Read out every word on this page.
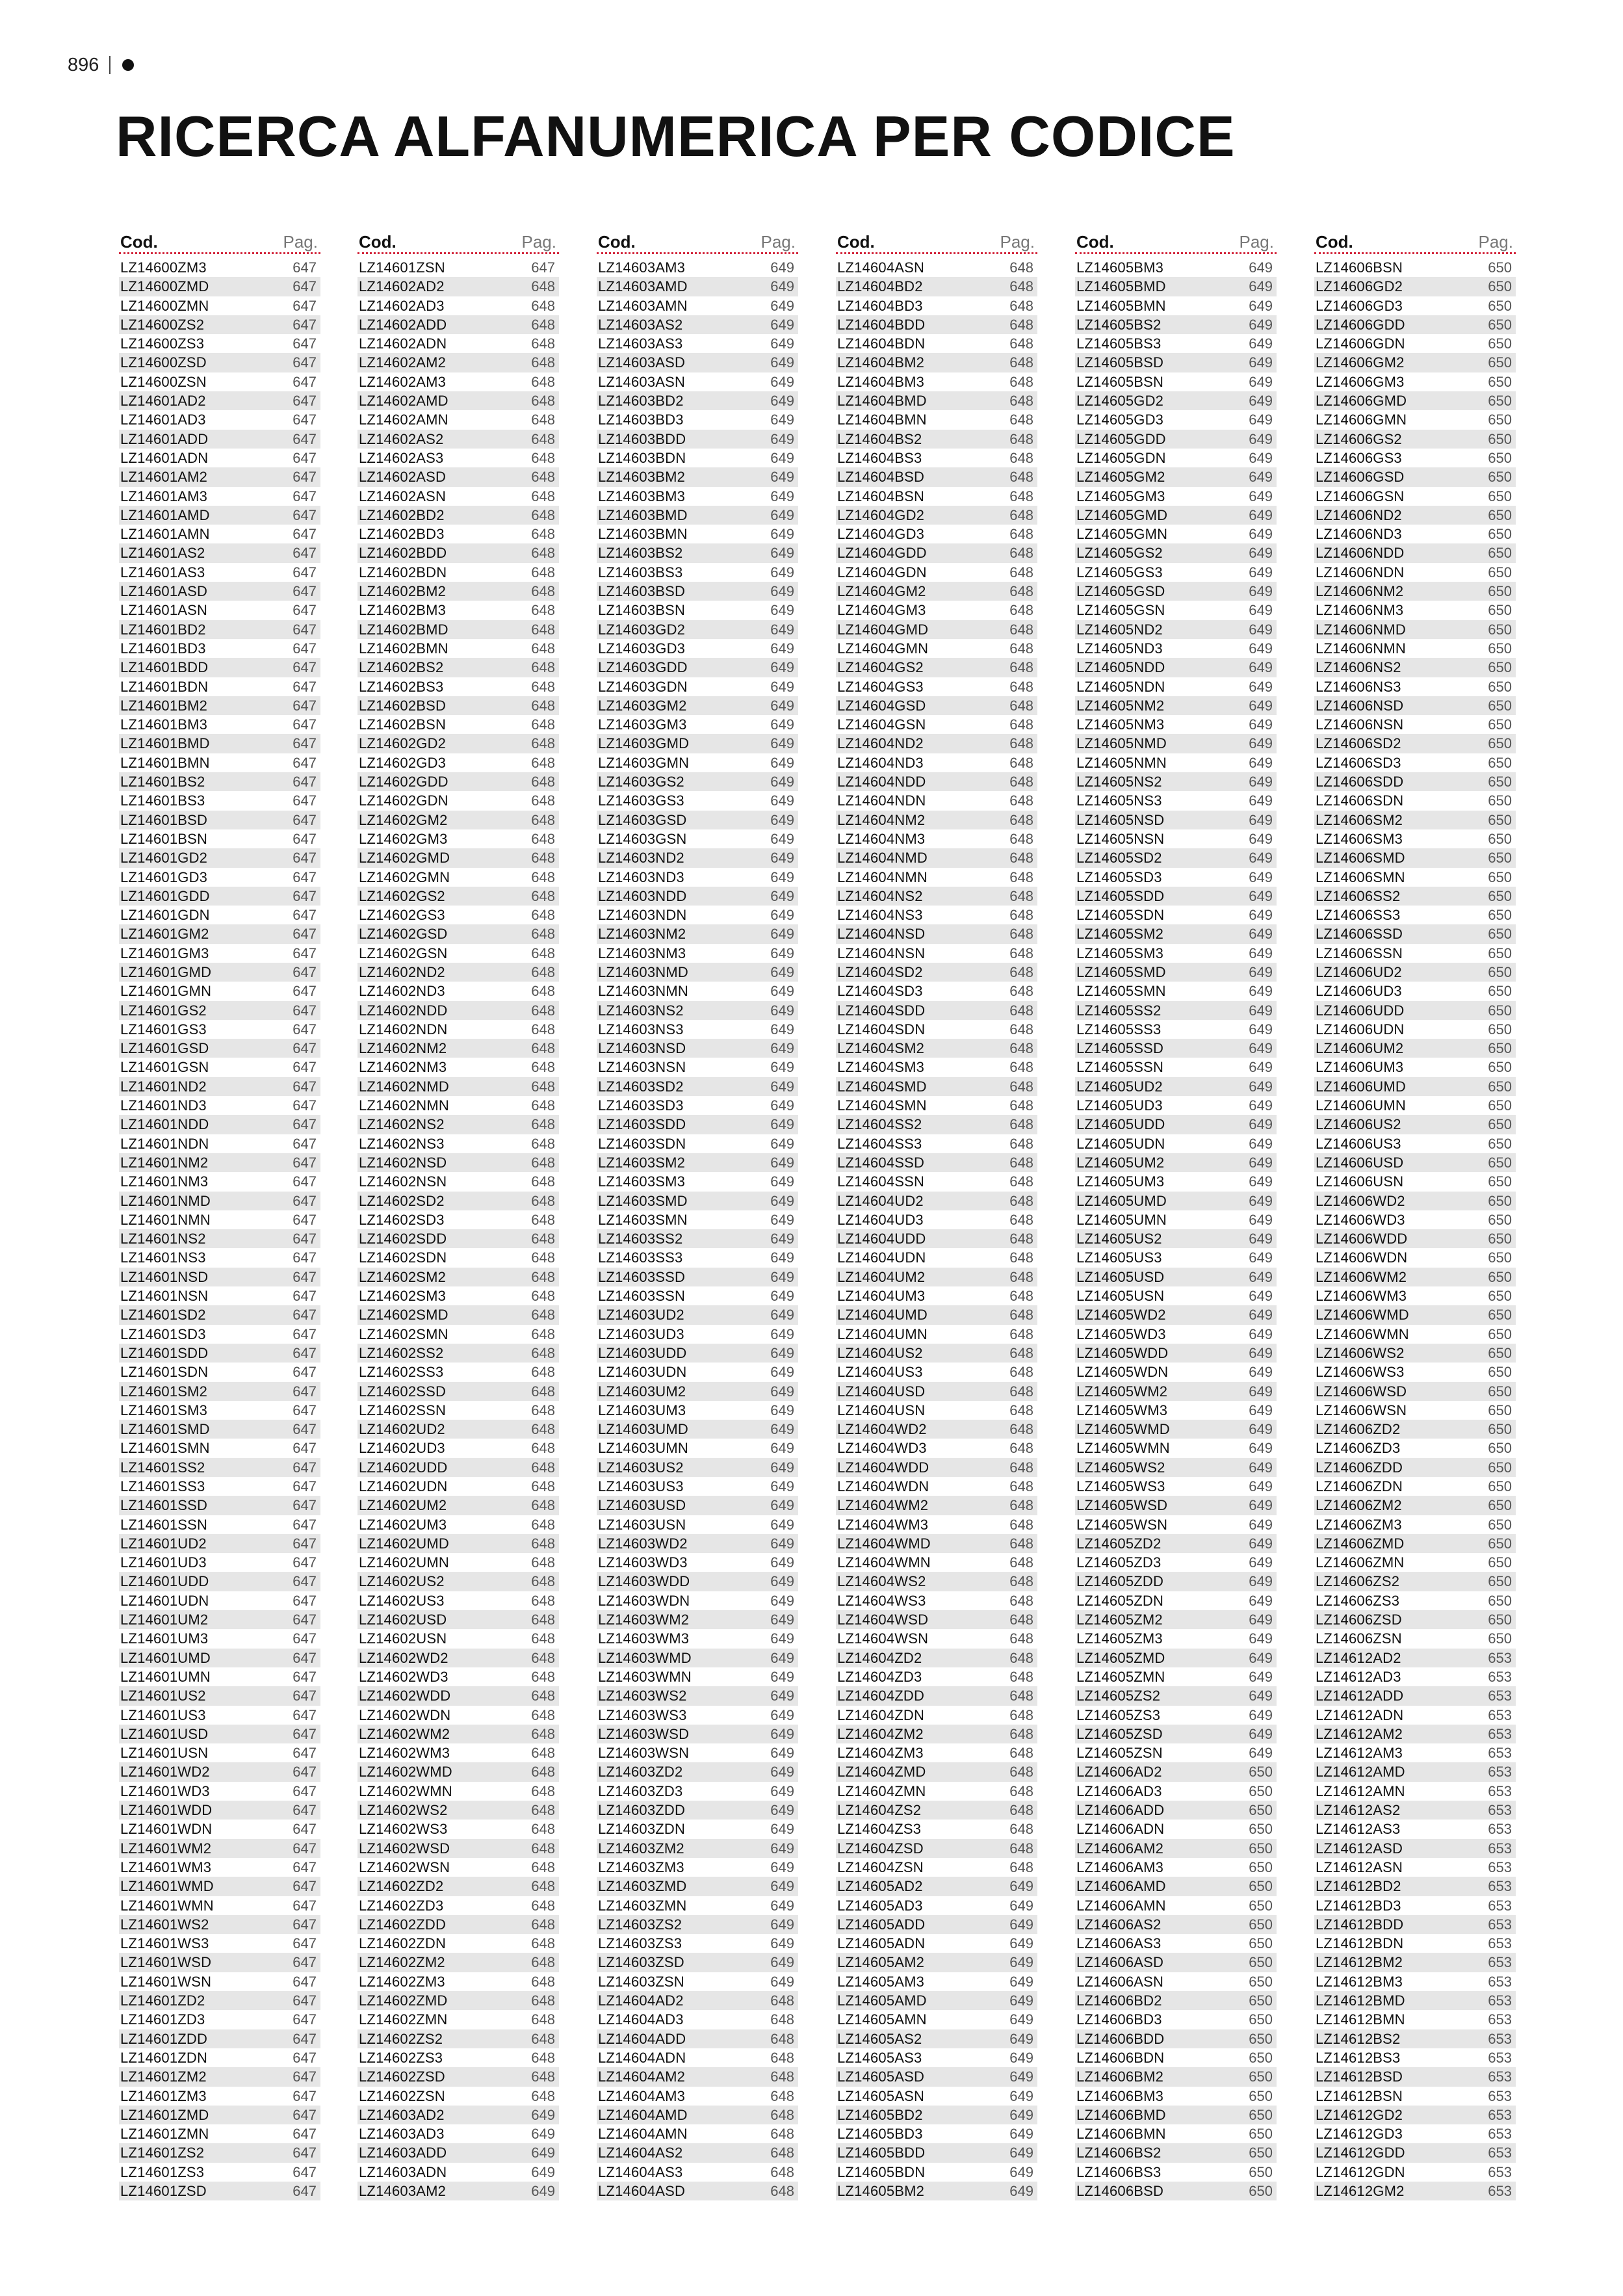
896
RICERCA ALFANUMERICA PER CODICE
Cod.	Pag.
LZ14600ZM3	647
LZ14600ZMD	647
LZ14600ZMN	647
LZ14600ZS2	647
LZ14600ZS3	647
LZ14600ZSD	647
LZ14600ZSN	647
LZ14601AD2	647
LZ14601AD3	647
LZ14601ADD	647
LZ14601ADN	647
LZ14601AM2	647
LZ14601AM3	647
LZ14601AMD	647
LZ14601AMN	647
LZ14601AS2	647
LZ14601AS3	647
LZ14601ASD	647
LZ14601ASN	647
LZ14601BD2	647
LZ14601BD3	647
LZ14601BDD	647
LZ14601BDN	647
LZ14601BM2	647
LZ14601BM3	647
LZ14601BMD	647
LZ14601BMN	647
LZ14601BS2	647
LZ14601BS3	647
LZ14601BSD	647
LZ14601BSN	647
LZ14601GD2	647
LZ14601GD3	647
LZ14601GDD	647
LZ14601GDN	647
LZ14601GM2	647
LZ14601GM3	647
LZ14601GMD	647
LZ14601GMN	647
LZ14601GS2	647
LZ14601GS3	647
LZ14601GSD	647
LZ14601GSN	647
LZ14601ND2	647
LZ14601ND3	647
LZ14601NDD	647
LZ14601NDN	647
LZ14601NM2	647
LZ14601NM3	647
LZ14601NMD	647
LZ14601NMN	647
LZ14601NS2	647
LZ14601NS3	647
LZ14601NSD	647
LZ14601NSN	647
LZ14601SD2	647
LZ14601SD3	647
LZ14601SDD	647
LZ14601SDN	647
LZ14601SM2	647
LZ14601SM3	647
LZ14601SMD	647
LZ14601SMN	647
LZ14601SS2	647
LZ14601SS3	647
LZ14601SSD	647
LZ14601SSN	647
LZ14601UD2	647
LZ14601UD3	647
LZ14601UDD	647
LZ14601UDN	647
LZ14601UM2	647
LZ14601UM3	647
LZ14601UMD	647
LZ14601UMN	647
LZ14601US2	647
LZ14601US3	647
LZ14601USD	647
LZ14601USN	647
LZ14601WD2	647
LZ14601WD3	647
LZ14601WDD	647
LZ14601WDN	647
LZ14601WM2	647
LZ14601WM3	647
LZ14601WMD	647
LZ14601WMN	647
LZ14601WS2	647
LZ14601WS3	647
LZ14601WSD	647
LZ14601WSN	647
LZ14601ZD2	647
LZ14601ZD3	647
LZ14601ZDD	647
LZ14601ZDN	647
LZ14601ZM2	647
LZ14601ZM3	647
LZ14601ZMD	647
LZ14601ZMN	647
LZ14601ZS2	647
LZ14601ZS3	647
LZ14601ZSD	647
Cod.	Pag.
LZ14601ZSN	647
LZ14602AD2	648
LZ14602AD3	648
LZ14602ADD	648
LZ14602ADN	648
LZ14602AM2	648
LZ14602AM3	648
LZ14602AMD	648
LZ14602AMN	648
LZ14602AS2	648
LZ14602AS3	648
LZ14602ASD	648
LZ14602ASN	648
LZ14602BD2	648
LZ14602BD3	648
LZ14602BDD	648
LZ14602BDN	648
LZ14602BM2	648
LZ14602BM3	648
LZ14602BMD	648
LZ14602BMN	648
LZ14602BS2	648
LZ14602BS3	648
LZ14602BSD	648
LZ14602BSN	648
LZ14602GD2	648
LZ14602GD3	648
LZ14602GDD	648
LZ14602GDN	648
LZ14602GM2	648
LZ14602GM3	648
LZ14602GMD	648
LZ14602GMN	648
LZ14602GS2	648
LZ14602GS3	648
LZ14602GSD	648
LZ14602GSN	648
LZ14602ND2	648
LZ14602ND3	648
LZ14602NDD	648
LZ14602NDN	648
LZ14602NM2	648
LZ14602NM3	648
LZ14602NMD	648
LZ14602NMN	648
LZ14602NS2	648
LZ14602NS3	648
LZ14602NSD	648
LZ14602NSN	648
LZ14602SD2	648
LZ14602SD3	648
LZ14602SDD	648
LZ14602SDN	648
LZ14602SM2	648
LZ14602SM3	648
LZ14602SMD	648
LZ14602SMN	648
LZ14602SS2	648
LZ14602SS3	648
LZ14602SSD	648
LZ14602SSN	648
LZ14602UD2	648
LZ14602UD3	648
LZ14602UDD	648
LZ14602UDN	648
LZ14602UM2	648
LZ14602UM3	648
LZ14602UMD	648
LZ14602UMN	648
LZ14602US2	648
LZ14602US3	648
LZ14602USD	648
LZ14602USN	648
LZ14602WD2	648
LZ14602WD3	648
LZ14602WDD	648
LZ14602WDN	648
LZ14602WM2	648
LZ14602WM3	648
LZ14602WMD	648
LZ14602WMN	648
LZ14602WS2	648
LZ14602WS3	648
LZ14602WSD	648
LZ14602WSN	648
LZ14602ZD2	648
LZ14602ZD3	648
LZ14602ZDD	648
LZ14602ZDN	648
LZ14602ZM2	648
LZ14602ZM3	648
LZ14602ZMD	648
LZ14602ZMN	648
LZ14602ZS2	648
LZ14602ZS3	648
LZ14602ZSD	648
LZ14602ZSN	648
LZ14603AD2	649
LZ14603AD3	649
LZ14603ADD	649
LZ14603ADN	649
LZ14603AM2	649
Cod.	Pag.
LZ14603AM3	649
LZ14603AMD	649
LZ14603AMN	649
LZ14603AS2	649
LZ14603AS3	649
LZ14603ASD	649
LZ14603ASN	649
LZ14603BD2	649
LZ14603BD3	649
LZ14603BDD	649
LZ14603BDN	649
LZ14603BM2	649
LZ14603BM3	649
LZ14603BMD	649
LZ14603BMN	649
LZ14603BS2	649
LZ14603BS3	649
LZ14603BSD	649
LZ14603BSN	649
LZ14603GD2	649
LZ14603GD3	649
LZ14603GDD	649
LZ14603GDN	649
LZ14603GM2	649
LZ14603GM3	649
LZ14603GMD	649
LZ14603GMN	649
LZ14603GS2	649
LZ14603GS3	649
LZ14603GSD	649
LZ14603GSN	649
LZ14603ND2	649
LZ14603ND3	649
LZ14603NDD	649
LZ14603NDN	649
LZ14603NM2	649
LZ14603NM3	649
LZ14603NMD	649
LZ14603NMN	649
LZ14603NS2	649
LZ14603NS3	649
LZ14603NSD	649
LZ14603NSN	649
LZ14603SD2	649
LZ14603SD3	649
LZ14603SDD	649
LZ14603SDN	649
LZ14603SM2	649
LZ14603SM3	649
LZ14603SMD	649
LZ14603SMN	649
LZ14603SS2	649
LZ14603SS3	649
LZ14603SSD	649
LZ14603SSN	649
LZ14603UD2	649
LZ14603UD3	649
LZ14603UDD	649
LZ14603UDN	649
LZ14603UM2	649
LZ14603UM3	649
LZ14603UMD	649
LZ14603UMN	649
LZ14603US2	649
LZ14603US3	649
LZ14603USD	649
LZ14603USN	649
LZ14603WD2	649
LZ14603WD3	649
LZ14603WDD	649
LZ14603WDN	649
LZ14603WM2	649
LZ14603WM3	649
LZ14603WMD	649
LZ14603WMN	649
LZ14603WS2	649
LZ14603WS3	649
LZ14603WSD	649
LZ14603WSN	649
LZ14603ZD2	649
LZ14603ZD3	649
LZ14603ZDD	649
LZ14603ZDN	649
LZ14603ZM2	649
LZ14603ZM3	649
LZ14603ZMD	649
LZ14603ZMN	649
LZ14603ZS2	649
LZ14603ZS3	649
LZ14603ZSD	649
LZ14603ZSN	649
LZ14604AD2	648
LZ14604AD3	648
LZ14604ADD	648
LZ14604ADN	648
LZ14604AM2	648
LZ14604AM3	648
LZ14604AMD	648
LZ14604AMN	648
LZ14604AS2	648
LZ14604AS3	648
LZ14604ASD	648
Cod.	Pag.
LZ14604ASN	648
LZ14604BD2	648
LZ14604BD3	648
LZ14604BDD	648
LZ14604BDN	648
LZ14604BM2	648
LZ14604BM3	648
LZ14604BMD	648
LZ14604BMN	648
LZ14604BS2	648
LZ14604BS3	648
LZ14604BSD	648
LZ14604BSN	648
LZ14604GD2	648
LZ14604GD3	648
LZ14604GDD	648
LZ14604GDN	648
LZ14604GM2	648
LZ14604GM3	648
LZ14604GMD	648
LZ14604GMN	648
LZ14604GS2	648
LZ14604GS3	648
LZ14604GSD	648
LZ14604GSN	648
LZ14604ND2	648
LZ14604ND3	648
LZ14604NDD	648
LZ14604NDN	648
LZ14604NM2	648
LZ14604NM3	648
LZ14604NMD	648
LZ14604NMN	648
LZ14604NS2	648
LZ14604NS3	648
LZ14604NSD	648
LZ14604NSN	648
LZ14604SD2	648
LZ14604SD3	648
LZ14604SDD	648
LZ14604SDN	648
LZ14604SM2	648
LZ14604SM3	648
LZ14604SMD	648
LZ14604SMN	648
LZ14604SS2	648
LZ14604SS3	648
LZ14604SSD	648
LZ14604SSN	648
LZ14604UD2	648
LZ14604UD3	648
LZ14604UDD	648
LZ14604UDN	648
LZ14604UM2	648
LZ14604UM3	648
LZ14604UMD	648
LZ14604UMN	648
LZ14604US2	648
LZ14604US3	648
LZ14604USD	648
LZ14604USN	648
LZ14604WD2	648
LZ14604WD3	648
LZ14604WDD	648
LZ14604WDN	648
LZ14604WM2	648
LZ14604WM3	648
LZ14604WMD	648
LZ14604WMN	648
LZ14604WS2	648
LZ14604WS3	648
LZ14604WSD	648
LZ14604WSN	648
LZ14604ZD2	648
LZ14604ZD3	648
LZ14604ZDD	648
LZ14604ZDN	648
LZ14604ZM2	648
LZ14604ZM3	648
LZ14604ZMD	648
LZ14604ZMN	648
LZ14604ZS2	648
LZ14604ZS3	648
LZ14604ZSD	648
LZ14604ZSN	648
LZ14605AD2	649
LZ14605AD3	649
LZ14605ADD	649
LZ14605ADN	649
LZ14605AM2	649
LZ14605AM3	649
LZ14605AMD	649
LZ14605AMN	649
LZ14605AS2	649
LZ14605AS3	649
LZ14605ASD	649
LZ14605ASN	649
LZ14605BD2	649
LZ14605BD3	649
LZ14605BDD	649
LZ14605BDN	649
LZ14605BM2	649
Cod.	Pag.
LZ14605BM3	649
LZ14605BMD	649
LZ14605BMN	649
LZ14605BS2	649
LZ14605BS3	649
LZ14605BSD	649
LZ14605BSN	649
LZ14605GD2	649
LZ14605GD3	649
LZ14605GDD	649
LZ14605GDN	649
LZ14605GM2	649
LZ14605GM3	649
LZ14605GMD	649
LZ14605GMN	649
LZ14605GS2	649
LZ14605GS3	649
LZ14605GSD	649
LZ14605GSN	649
LZ14605ND2	649
LZ14605ND3	649
LZ14605NDD	649
LZ14605NDN	649
LZ14605NM2	649
LZ14605NM3	649
LZ14605NMD	649
LZ14605NMN	649
LZ14605NS2	649
LZ14605NS3	649
LZ14605NSD	649
LZ14605NSN	649
LZ14605SD2	649
LZ14605SD3	649
LZ14605SDD	649
LZ14605SDN	649
LZ14605SM2	649
LZ14605SM3	649
LZ14605SMD	649
LZ14605SMN	649
LZ14605SS2	649
LZ14605SS3	649
LZ14605SSD	649
LZ14605SSN	649
LZ14605UD2	649
LZ14605UD3	649
LZ14605UDD	649
LZ14605UDN	649
LZ14605UM2	649
LZ14605UM3	649
LZ14605UMD	649
LZ14605UMN	649
LZ14605US2	649
LZ14605US3	649
LZ14605USD	649
LZ14605USN	649
LZ14605WD2	649
LZ14605WD3	649
LZ14605WDD	649
LZ14605WDN	649
LZ14605WM2	649
LZ14605WM3	649
LZ14605WMD	649
LZ14605WMN	649
LZ14605WS2	649
LZ14605WS3	649
LZ14605WSD	649
LZ14605WSN	649
LZ14605ZD2	649
LZ14605ZD3	649
LZ14605ZDD	649
LZ14605ZDN	649
LZ14605ZM2	649
LZ14605ZM3	649
LZ14605ZMD	649
LZ14605ZMN	649
LZ14605ZS2	649
LZ14605ZS3	649
LZ14605ZSD	649
LZ14605ZSN	649
LZ14606AD2	650
LZ14606AD3	650
LZ14606ADD	650
LZ14606ADN	650
LZ14606AM2	650
LZ14606AM3	650
LZ14606AMD	650
LZ14606AMN	650
LZ14606AS2	650
LZ14606AS3	650
LZ14606ASD	650
LZ14606ASN	650
LZ14606BD2	650
LZ14606BD3	650
LZ14606BDD	650
LZ14606BDN	650
LZ14606BM2	650
LZ14606BM3	650
LZ14606BMD	650
LZ14606BMN	650
LZ14606BS2	650
LZ14606BS3	650
LZ14606BSD	650
Cod.	Pag.
LZ14606BSN	650
LZ14606GD2	650
LZ14606GD3	650
LZ14606GDD	650
LZ14606GDN	650
LZ14606GM2	650
LZ14606GM3	650
LZ14606GMD	650
LZ14606GMN	650
LZ14606GS2	650
LZ14606GS3	650
LZ14606GSD	650
LZ14606GSN	650
LZ14606ND2	650
LZ14606ND3	650
LZ14606NDD	650
LZ14606NDN	650
LZ14606NM2	650
LZ14606NM3	650
LZ14606NMD	650
LZ14606NMN	650
LZ14606NS2	650
LZ14606NS3	650
LZ14606NSD	650
LZ14606NSN	650
LZ14606SD2	650
LZ14606SD3	650
LZ14606SDD	650
LZ14606SDN	650
LZ14606SM2	650
LZ14606SM3	650
LZ14606SMD	650
LZ14606SMN	650
LZ14606SS2	650
LZ14606SS3	650
LZ14606SSD	650
LZ14606SSN	650
LZ14606UD2	650
LZ14606UD3	650
LZ14606UDD	650
LZ14606UDN	650
LZ14606UM2	650
LZ14606UM3	650
LZ14606UMD	650
LZ14606UMN	650
LZ14606US2	650
LZ14606US3	650
LZ14606USD	650
LZ14606USN	650
LZ14606WD2	650
LZ14606WD3	650
LZ14606WDD	650
LZ14606WDN	650
LZ14606WM2	650
LZ14606WM3	650
LZ14606WMD	650
LZ14606WMN	650
LZ14606WS2	650
LZ14606WS3	650
LZ14606WSD	650
LZ14606WSN	650
LZ14606ZD2	650
LZ14606ZD3	650
LZ14606ZDD	650
LZ14606ZDN	650
LZ14606ZM2	650
LZ14606ZM3	650
LZ14606ZMD	650
LZ14606ZMN	650
LZ14606ZS2	650
LZ14606ZS3	650
LZ14606ZSD	650
LZ14606ZSN	650
LZ14612AD2	653
LZ14612AD3	653
LZ14612ADD	653
LZ14612ADN	653
LZ14612AM2	653
LZ14612AM3	653
LZ14612AMD	653
LZ14612AMN	653
LZ14612AS2	653
LZ14612AS3	653
LZ14612ASD	653
LZ14612ASN	653
LZ14612BD2	653
LZ14612BD3	653
LZ14612BDD	653
LZ14612BDN	653
LZ14612BM2	653
LZ14612BM3	653
LZ14612BMD	653
LZ14612BMN	653
LZ14612BS2	653
LZ14612BS3	653
LZ14612BSD	653
LZ14612BSN	653
LZ14612GD2	653
LZ14612GD3	653
LZ14612GDD	653
LZ14612GDN	653
LZ14612GM2	653
